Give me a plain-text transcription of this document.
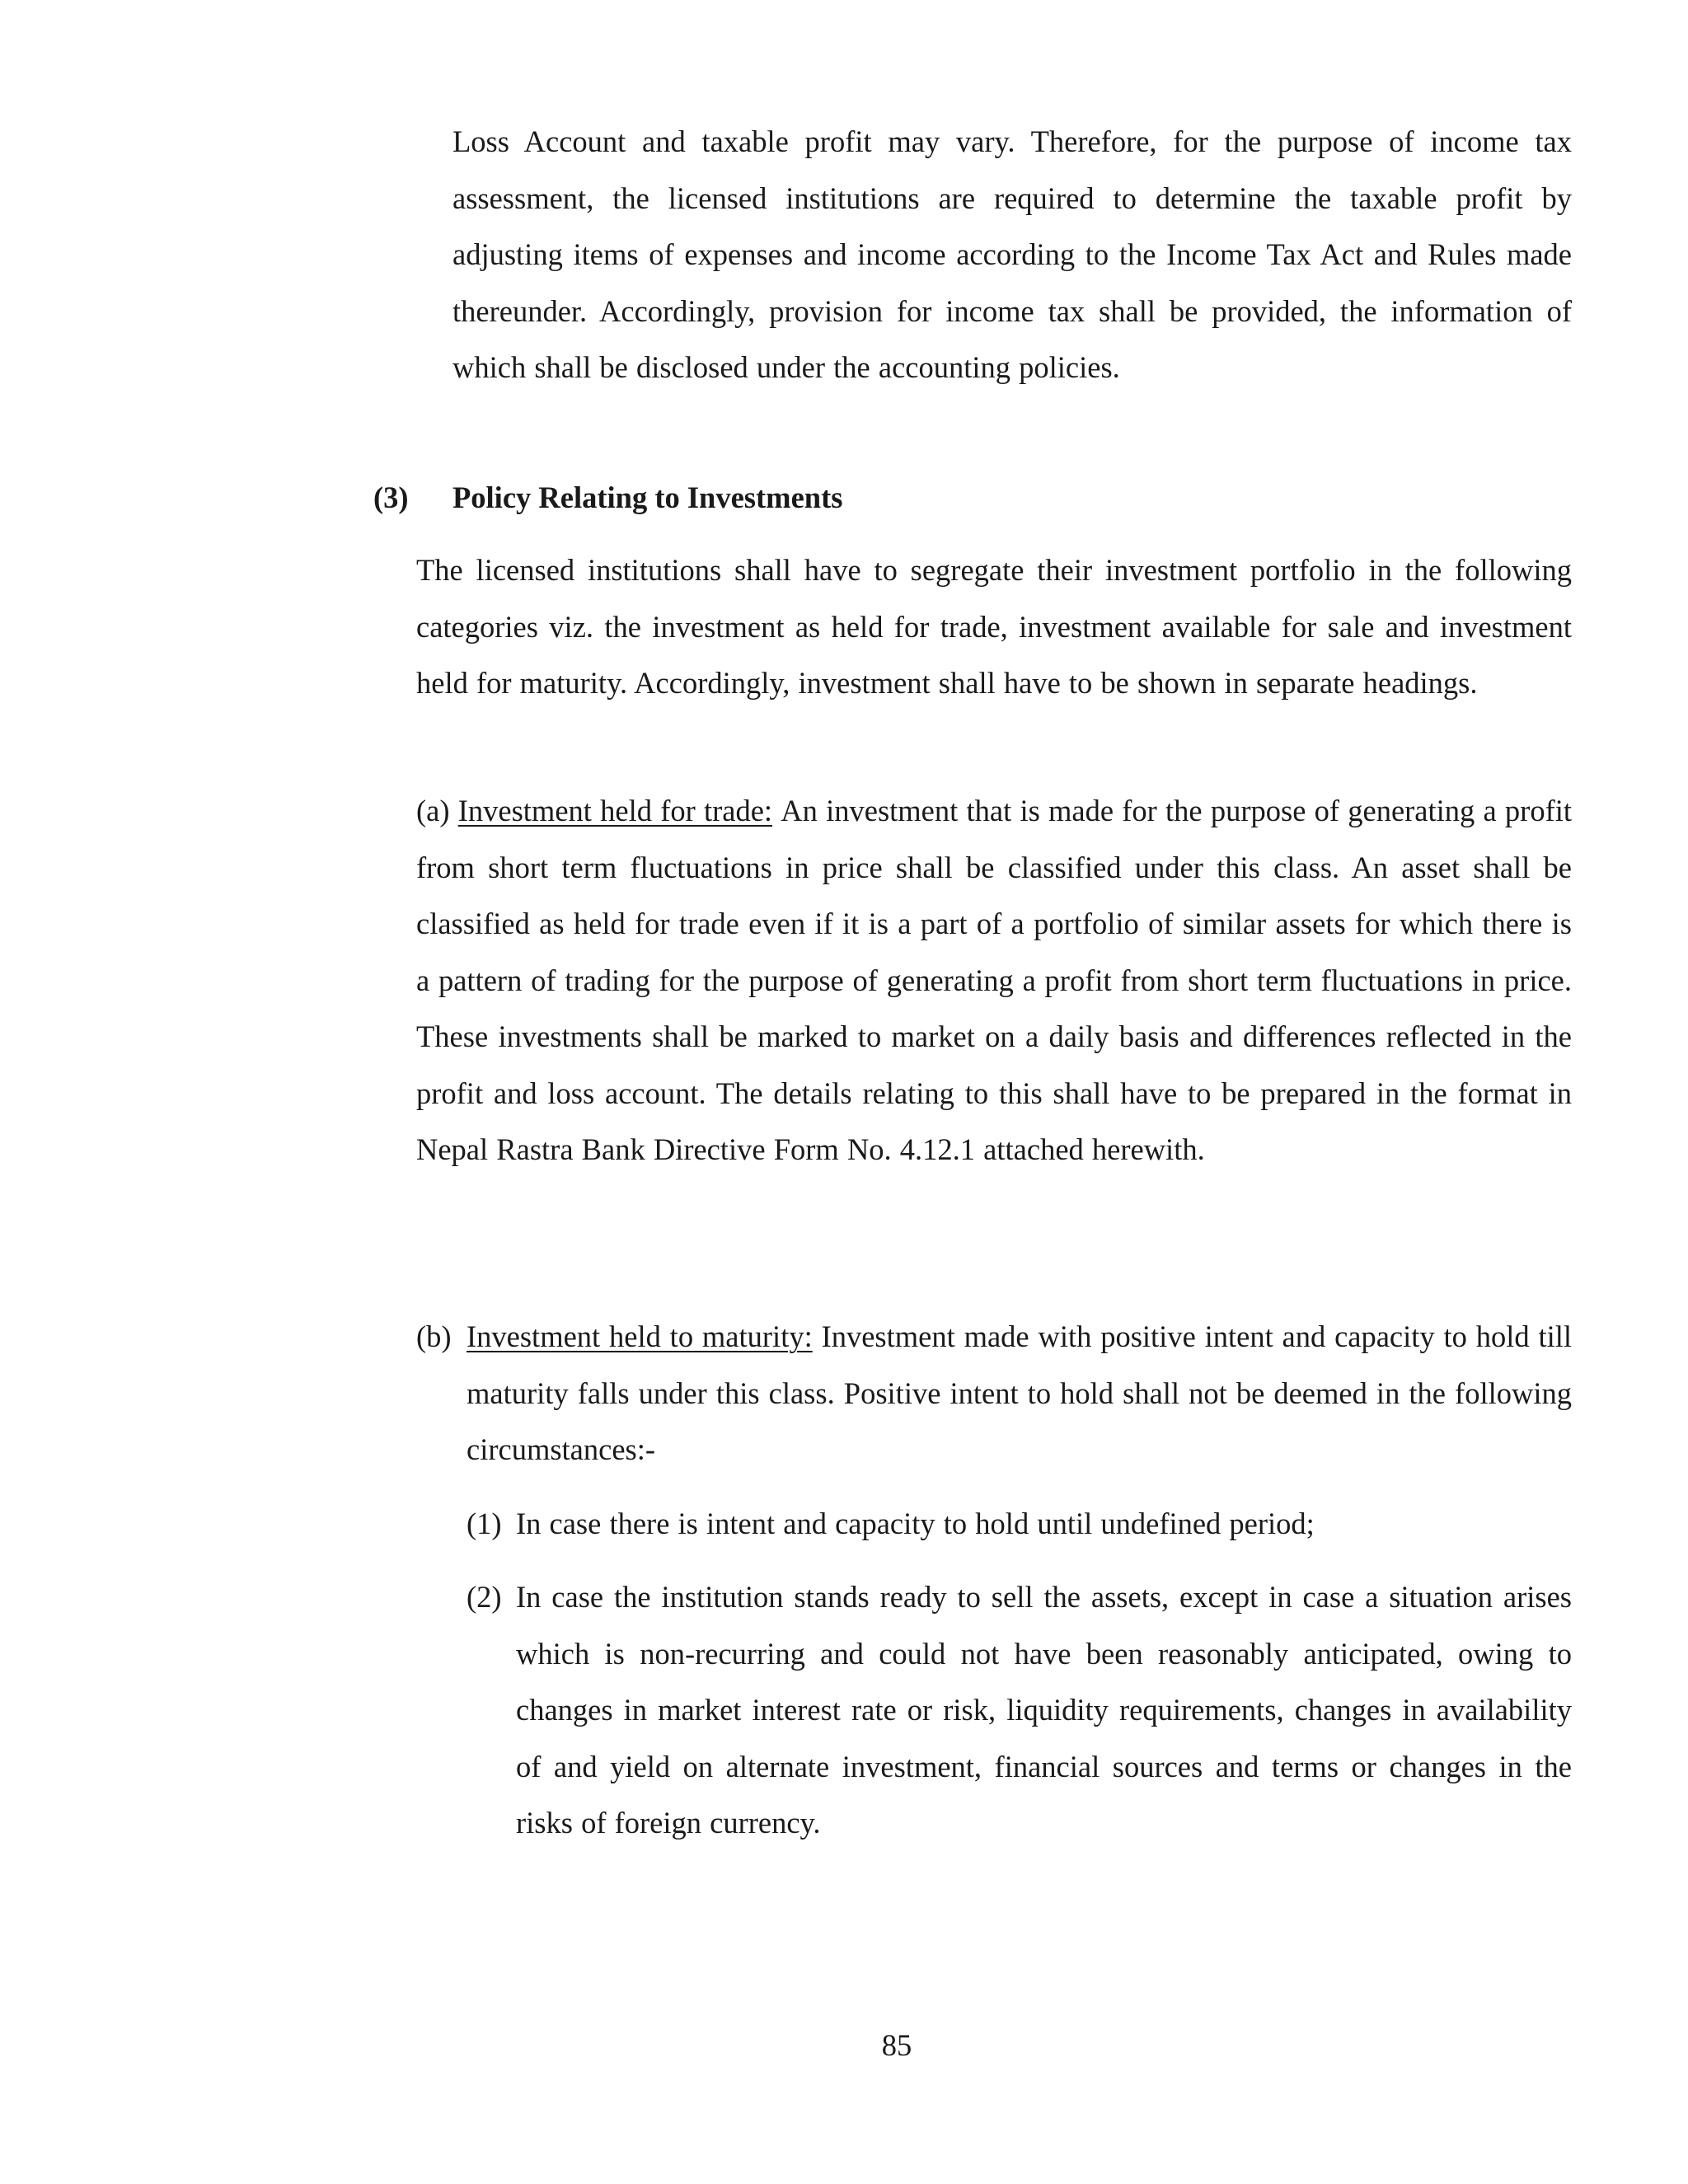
Loss Account and taxable profit may vary. Therefore, for the purpose of income tax assessment, the licensed institutions are required to determine the taxable profit by adjusting items of expenses and income according to the Income Tax Act and Rules made thereunder. Accordingly, provision for income tax shall be provided, the information of which shall be disclosed under the accounting policies.

(3) Policy Relating to Investments

The licensed institutions shall have to segregate their investment portfolio in the following categories viz. the investment as held for trade, investment available for sale and investment held for maturity. Accordingly, investment shall have to be shown in separate headings.

(a) Investment held for trade: An investment that is made for the purpose of generating a profit from short term fluctuations in price shall be classified under this class. An asset shall be classified as held for trade even if it is a part of a portfolio of similar assets for which there is a pattern of trading for the purpose of generating a profit from short term fluctuations in price. These investments shall be marked to market on a daily basis and differences reflected in the profit and loss account. The details relating to this shall have to be prepared in the format in Nepal Rastra Bank Directive Form No. 4.12.1 attached herewith.

(b) Investment held to maturity: Investment made with positive intent and capacity to hold till maturity falls under this class. Positive intent to hold shall not be deemed in the following circumstances:-

(1) In case there is intent and capacity to hold until undefined period;

(2) In case the institution stands ready to sell the assets, except in case a situation arises which is non-recurring and could not have been reasonably anticipated, owing to changes in market interest rate or risk, liquidity requirements, changes in availability of and yield on alternate investment, financial sources and terms or changes in the risks of foreign currency.

85
